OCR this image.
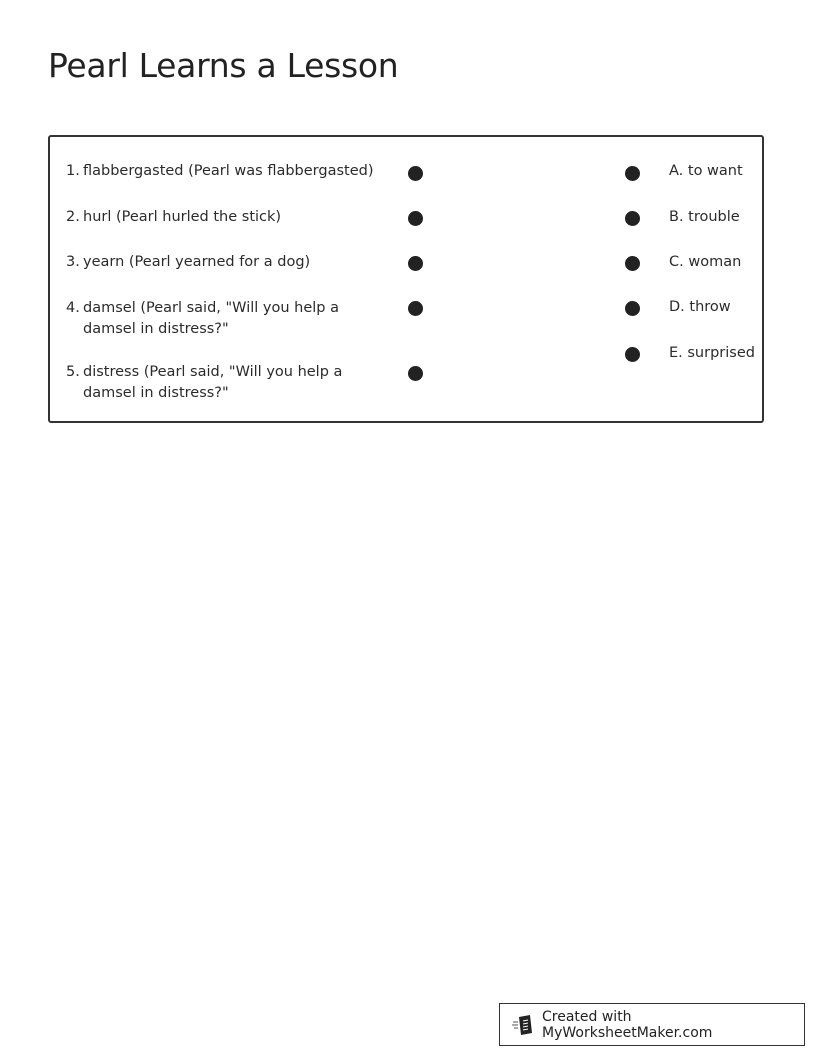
Pearl Learns a Lesson
1. flabbergasted (Pearl was flabbergasted)
2. hurl (Pearl hurled the stick)
3. yearn (Pearl yearned for a dog)
4. damsel (Pearl said, "Will you help a damsel in distress?"
5. distress (Pearl said, "Will you help a damsel in distress?"
A. to want
B. trouble
C. woman
D. throw
E. surprised
Created with MyWorksheetMaker.com
